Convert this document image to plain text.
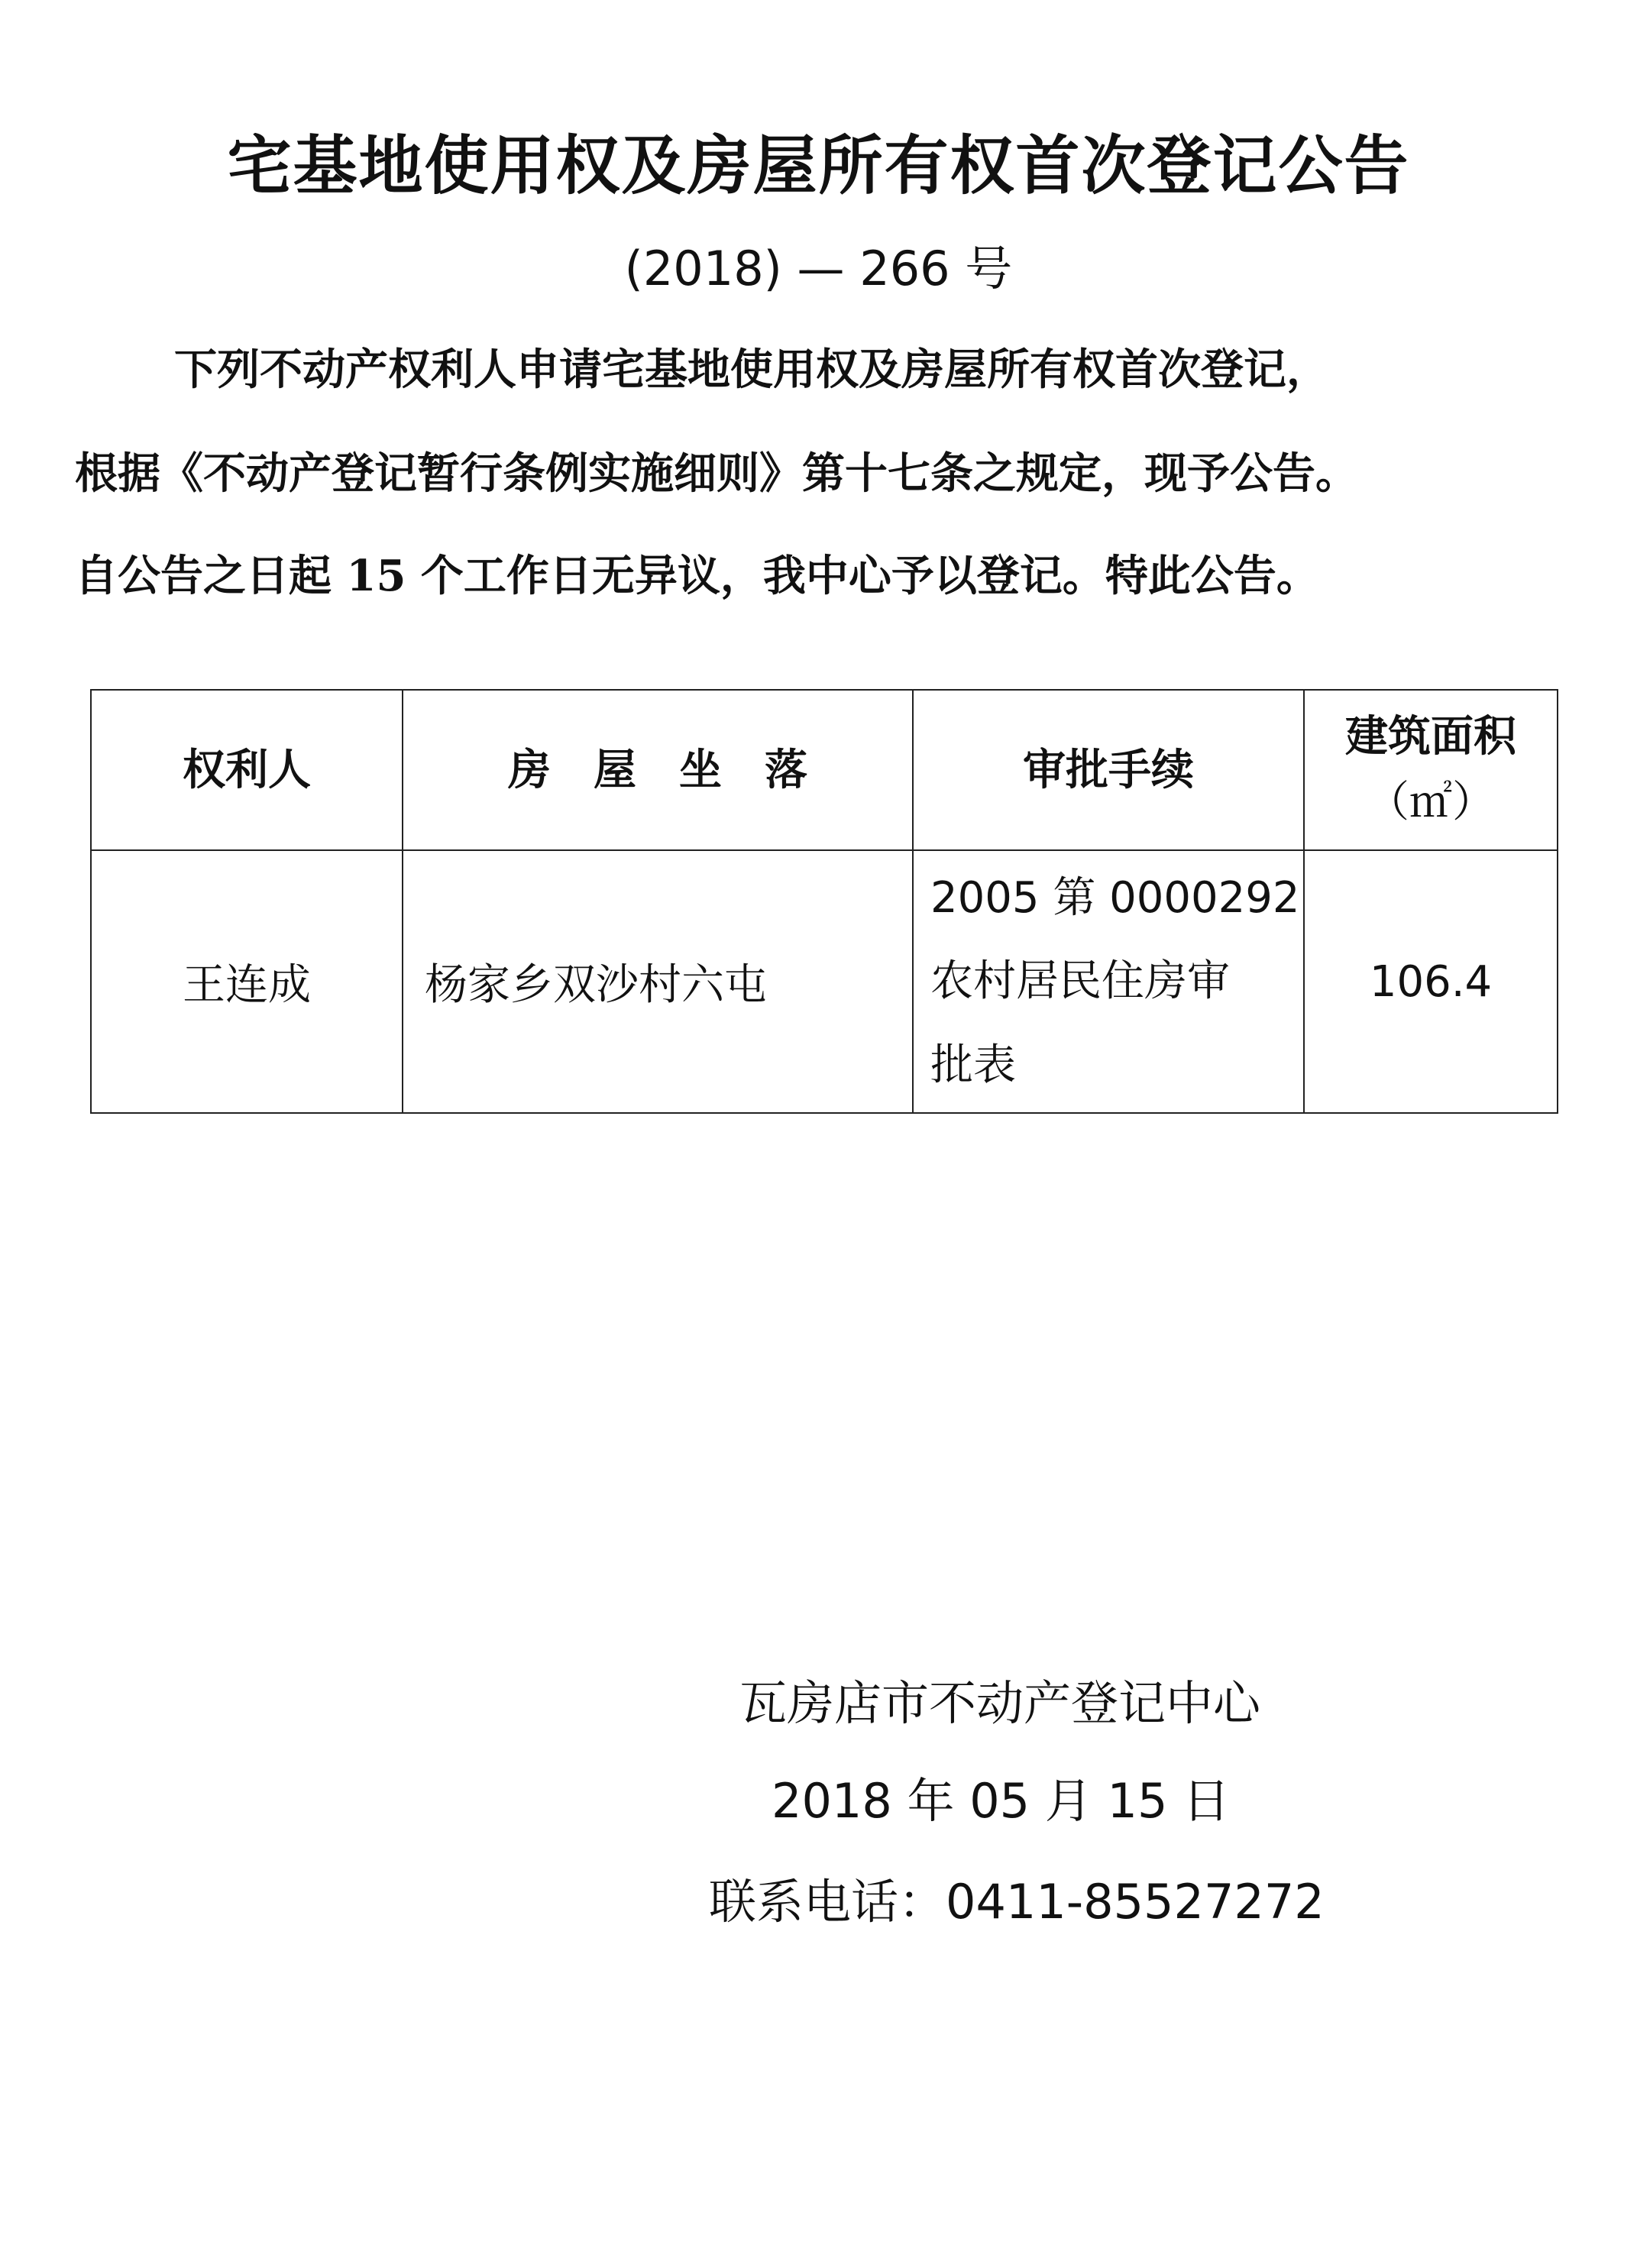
宅基地使用权及房屋所有权首次登记公告
(2018) — 266 号
下列不动产权利人申请宅基地使用权及房屋所有权首次登记，
根据《不动产登记暂行条例实施细则》第十七条之规定，现予公告。
自公告之日起 15 个工作日无异议，我中心予以登记。特此公告。
权利人	房　屋　坐　落	审批手续	建筑面积
（㎡）

王连成	杨家乡双沙村六屯	2005 第 0000292
农村居民住房审
批表	106.4
瓦房店市不动产登记中心
2018 年 05 月 15 日
联系电话：0411-85527272
